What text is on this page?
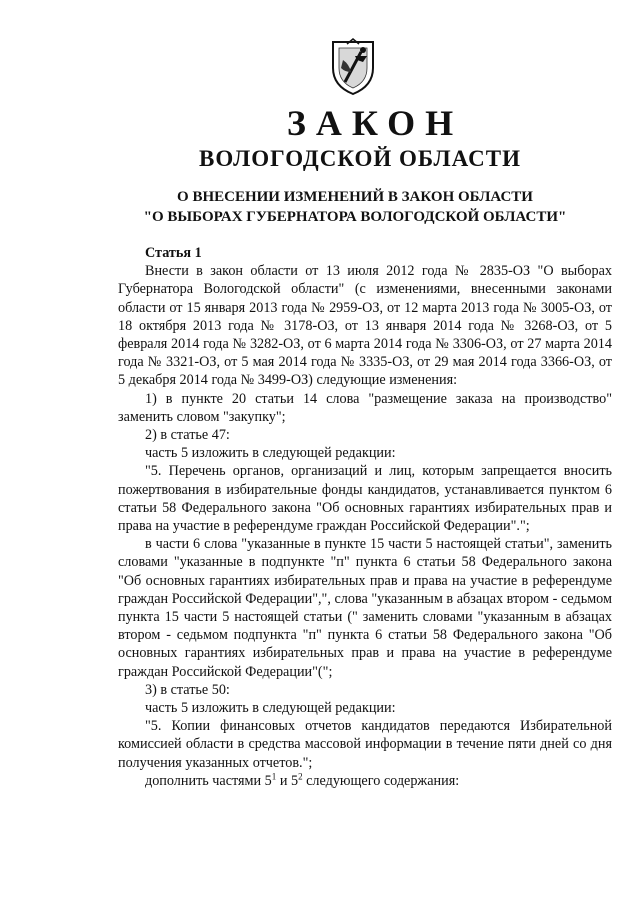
ЗАКОН
ВОЛОГОДСКОЙ ОБЛАСТИ
О ВНЕСЕНИИ ИЗМЕНЕНИЙ В ЗАКОН ОБЛАСТИ
"О ВЫБОРАХ ГУБЕРНАТОРА ВОЛОГОДСКОЙ ОБЛАСТИ"

Статья 1

Внести в закон области от 13 июля 2012 года № 2835-ОЗ "О выборах Губернатора Вологодской области" (с изменениями, внесенными законами области от 15 января 2013 года № 2959-ОЗ, от 12 марта 2013 года № 3005-ОЗ, от 18 октября 2013 года № 3178-ОЗ, от 13 января 2014 года № 3268-ОЗ, от 5 февраля 2014 года № 3282-ОЗ, от 6 марта 2014 года № 3306-ОЗ, от 27 марта 2014 года № 3321-ОЗ, от 5 мая 2014 года № 3335-ОЗ, от 29 мая 2014 года 3366-ОЗ, от 5 декабря 2014 года № 3499-ОЗ) следующие изменения:

1) в пункте 20 статьи 14 слова "размещение заказа на производство" заменить словом "закупку";

2) в статье 47:

часть 5 изложить в следующей редакции:

"5. Перечень органов, организаций и лиц, которым запрещается вносить пожертвования в избирательные фонды кандидатов, устанавливается пунктом 6 статьи 58 Федерального закона "Об основных гарантиях избирательных прав и права на участие в референдуме граждан Российской Федерации".";

в части 6 слова "указанные в пункте 15 части 5 настоящей статьи", заменить словами "указанные в подпункте "п" пункта 6 статьи 58 Федерального закона "Об основных гарантиях избирательных прав и права на участие в референдуме граждан Российской Федерации",", слова "указанным в абзацах втором - седьмом пункта 15 части 5 настоящей статьи (" заменить словами "указанным в абзацах втором - седьмом подпункта "п" пункта 6 статьи 58 Федерального закона "Об основных гарантиях избирательных прав и права на участие в референдуме граждан Российской Федерации"(";

3) в статье 50:

часть 5 изложить в следующей редакции:

"5. Копии финансовых отчетов кандидатов передаются Избирательной комиссией области в средства массовой информации в течение пяти дней со дня получения указанных отчетов.";

дополнить частями $5^1$ и $5^2$ следующего содержания:
